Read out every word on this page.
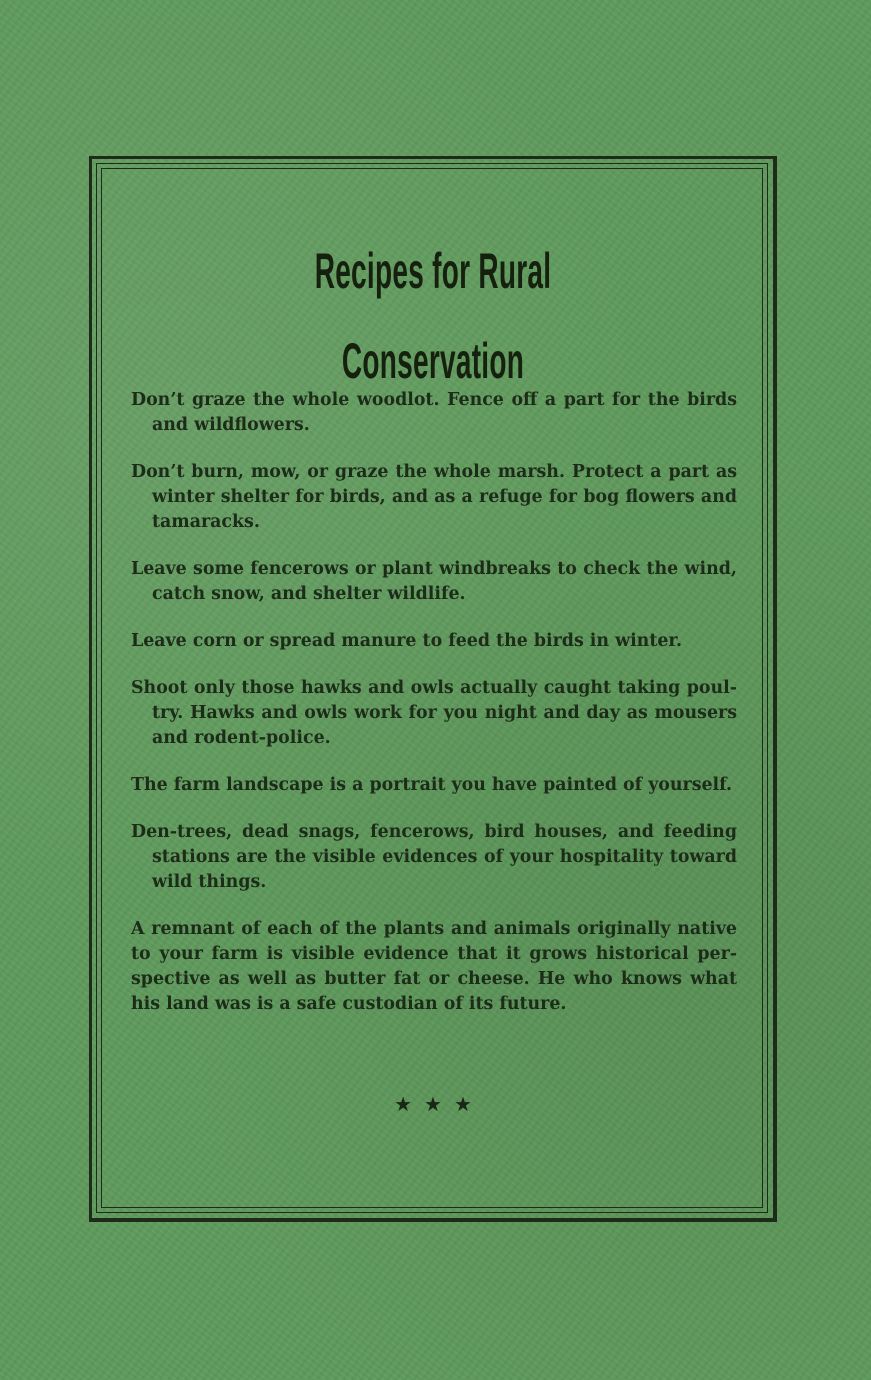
Recipes for Rural Conservation

Don’t graze the whole woodlot. Fence off a part for the birds and wildflowers.

Don’t burn, mow, or graze the whole marsh. Protect a part as winter shelter for birds, and as a refuge for bog flowers and tamaracks.

Leave some fencerows or plant windbreaks to check the wind, catch snow, and shelter wildlife.

Leave corn or spread manure to feed the birds in winter.

Shoot only those hawks and owls actually caught taking poultry. Hawks and owls work for you night and day as mousers and rodent-police.

The farm landscape is a portrait you have painted of yourself.

Den-trees, dead snags, fencerows, bird houses, and feeding stations are the visible evidences of your hospitality toward wild things.

A remnant of each of the plants and animals originally native to your farm is visible evidence that it grows historical perspective as well as butter fat or cheese. He who knows what his land was is a safe custodian of its future.

★★★
